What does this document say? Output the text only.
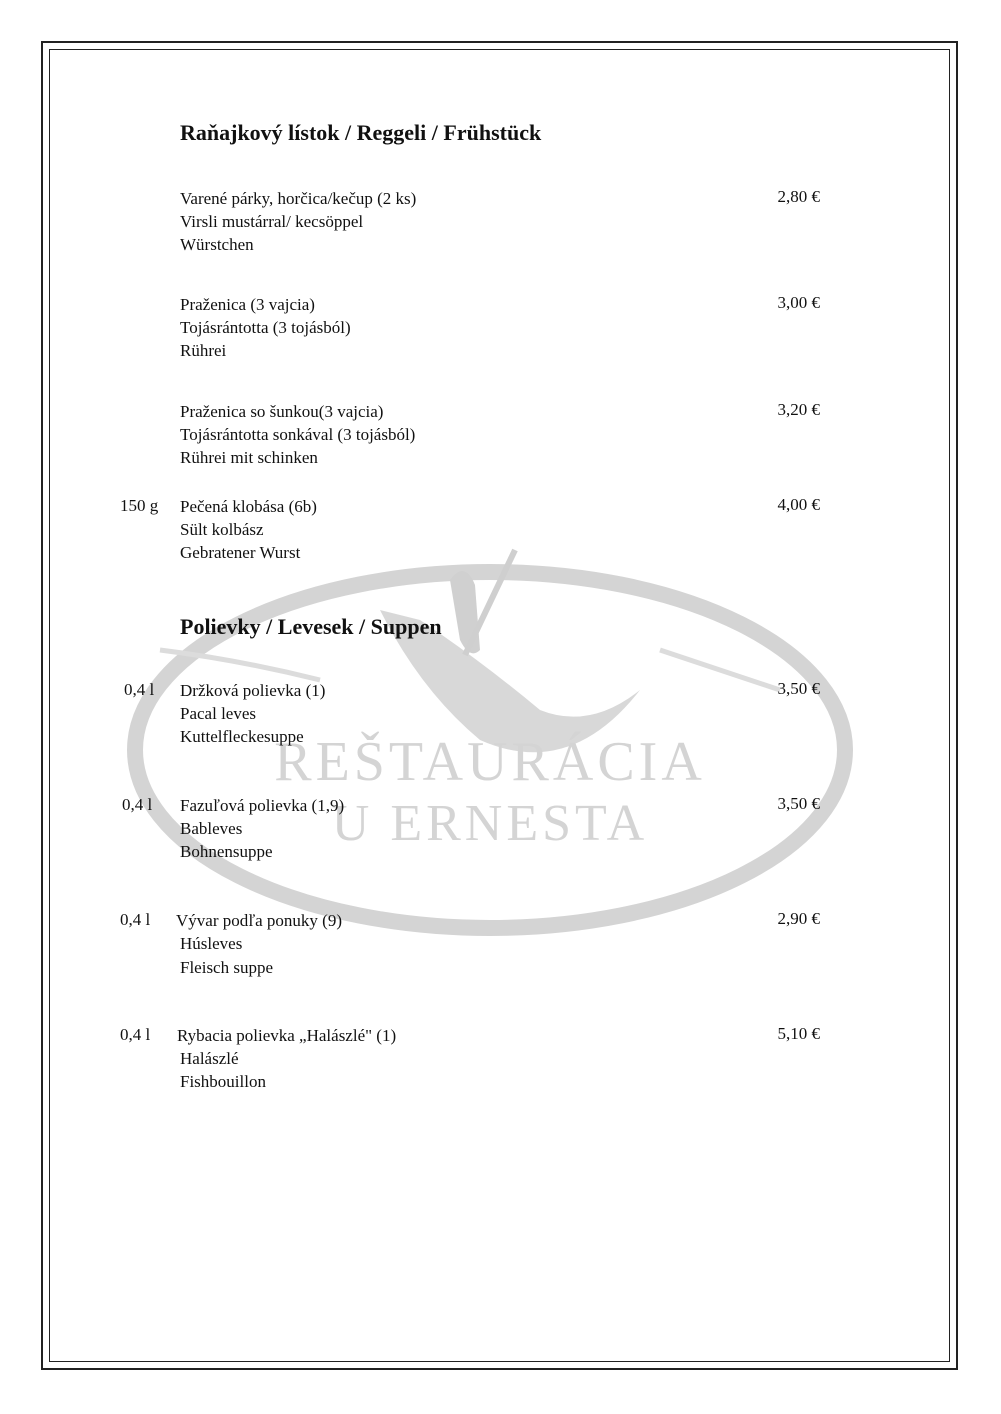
REŠTAURÁCIA
U ERNESTA
Raňajkový lístok / Reggeli / Frühstück
Varené párky, horčica/kečup (2 ks)
Virsli mustárral/ kecsöppel
Würstchen
2,80 €
Praženica (3 vajcia)
Tojásrántotta (3 tojásból)
Rührei
3,00 €
Praženica so šunkou(3 vajcia)
Tojásrántotta sonkával (3 tojásból)
Rührei mit schinken
3,20 €
150 g Pečená klobása (6b)
Sült kolbász
Gebratener Wurst
4,00 €
Polievky / Levesek / Suppen
0,4 l Držková polievka (1)
Pacal leves
Kuttelfleckesuppe
3,50 €
0,4 l Fazuľová polievka (1,9)
Bableves
Bohnensuppe
3,50 €
0,4 l Vývar podľa ponuky (9)
Húsleves
Fleisch suppe
2,90 €
0,4 l Rybacia polievka „Halászlé" (1)
Halászlé
Fishbouillon
5,10 €
